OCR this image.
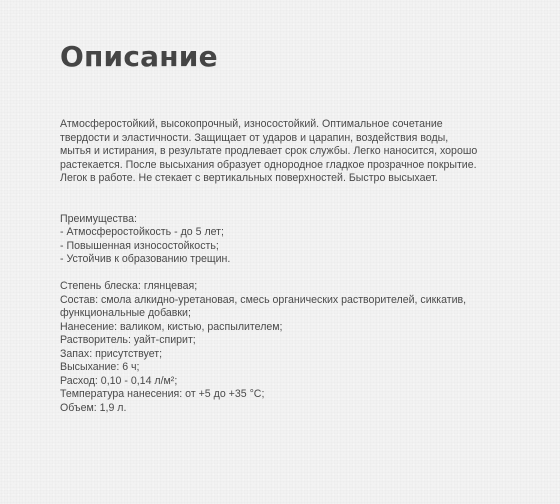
Описание

Атмосферостойкий, высокопрочный, износостойкий. Оптимальное сочетание
твердости и эластичности. Защищает от ударов и царапин, воздействия воды,
мытья и истирания, в результате продлевает срок службы. Легко наносится, хорошо
растекается. После высыхания образует однородное гладкое прозрачное покрытие.
Легок в работе. Не стекает с вертикальных поверхностей. Быстро высыхает.

Преимущества:
- Атмосферостойкость - до 5 лет;
- Повышенная износостойкость;
- Устойчив к образованию трещин.

Степень блеска: глянцевая;
Состав: смола алкидно-уретановая, смесь органических растворителей, сиккатив,
функциональные добавки;
Нанесение: валиком, кистью, распылителем;
Растворитель: уайт-спирит;
Запах: присутствует;
Высыхание: 6 ч;
Расход: 0,10 - 0,14 л/м²;
Температура нанесения: от +5 до +35 °С;
Объем: 1,9 л.
